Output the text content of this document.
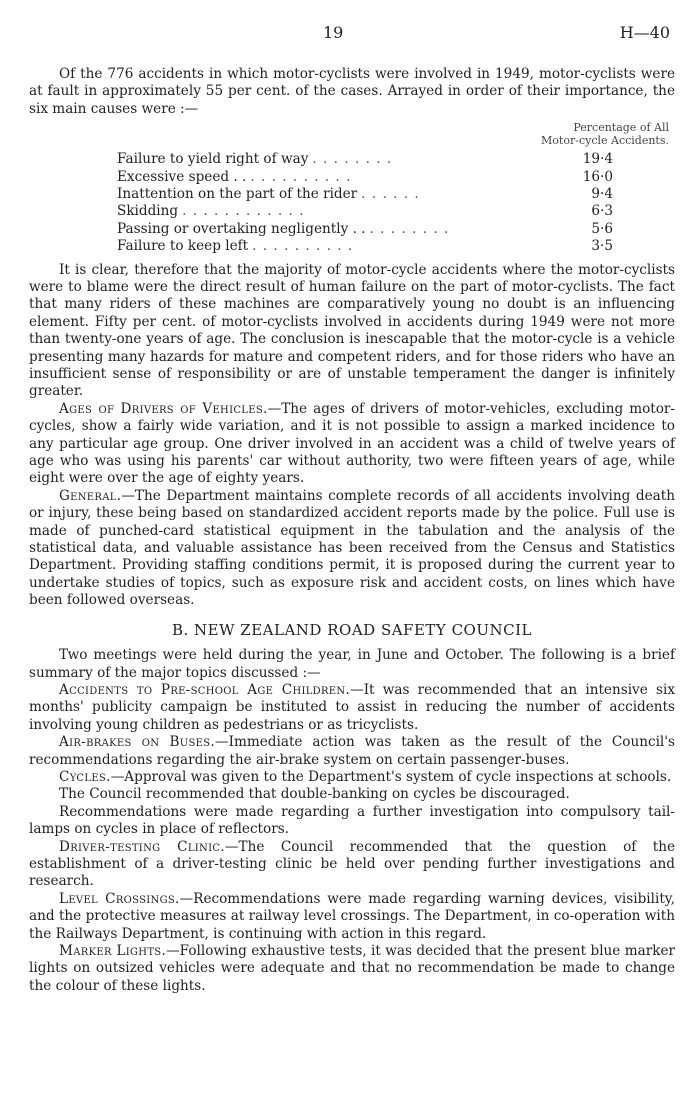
19	H—40

Of the 776 accidents in which motor-cyclists were involved in 1949, motor-cyclists were at fault in approximately 55 per cent. of the cases. Arrayed in order of their importance, the six main causes were :—

Percentage of All
Motor-cycle Accidents.
Failure to yield right of way . . . . . . . .	19·4
Excessive speed . . . . . . . . . . . .	16·0
Inattention on the part of the rider . . . . . .	9·4
Skidding . . . . . . . . . . . .	6·3
Passing or overtaking negligently . . . . . . . . . .	5·6
Failure to keep left . . . . . . . . . .	3·5

It is clear, therefore that the majority of motor-cycle accidents where the motor-cyclists were to blame were the direct result of human failure on the part of motor-cyclists. The fact that many riders of these machines are comparatively young no doubt is an influencing element. Fifty per cent. of motor-cyclists involved in accidents during 1949 were not more than twenty-one years of age. The conclusion is inescapable that the motor-cycle is a vehicle presenting many hazards for mature and competent riders, and for those riders who have an insufficient sense of responsibility or are of unstable temperament the danger is infinitely greater.

Ages of Drivers of Vehicles.—The ages of drivers of motor-vehicles, excluding motor-cycles, show a fairly wide variation, and it is not possible to assign a marked incidence to any particular age group. One driver involved in an accident was a child of twelve years of age who was using his parents' car without authority, two were fifteen years of age, while eight were over the age of eighty years.

General.—The Department maintains complete records of all accidents involving death or injury, these being based on standardized accident reports made by the police. Full use is made of punched-card statistical equipment in the tabulation and the analysis of the statistical data, and valuable assistance has been received from the Census and Statistics Department. Providing staffing conditions permit, it is proposed during the current year to undertake studies of topics, such as exposure risk and accident costs, on lines which have been followed overseas.

B. NEW ZEALAND ROAD SAFETY COUNCIL

Two meetings were held during the year, in June and October. The following is a brief summary of the major topics discussed :—

Accidents to Pre-school Age Children.—It was recommended that an intensive six months' publicity campaign be instituted to assist in reducing the number of accidents involving young children as pedestrians or as tricyclists.

Air-brakes on Buses.—Immediate action was taken as the result of the Council's recommendations regarding the air-brake system on certain passenger-buses.

Cycles.—Approval was given to the Department's system of cycle inspections at schools.

The Council recommended that double-banking on cycles be discouraged.

Recommendations were made regarding a further investigation into compulsory tail-lamps on cycles in place of reflectors.

Driver-testing Clinic.—The Council recommended that the question of the establishment of a driver-testing clinic be held over pending further investigations and research.

Level Crossings.—Recommendations were made regarding warning devices, visibility, and the protective measures at railway level crossings. The Department, in co-operation with the Railways Department, is continuing with action in this regard.

Marker Lights.—Following exhaustive tests, it was decided that the present blue marker lights on outsized vehicles were adequate and that no recommendation be made to change the colour of these lights.
